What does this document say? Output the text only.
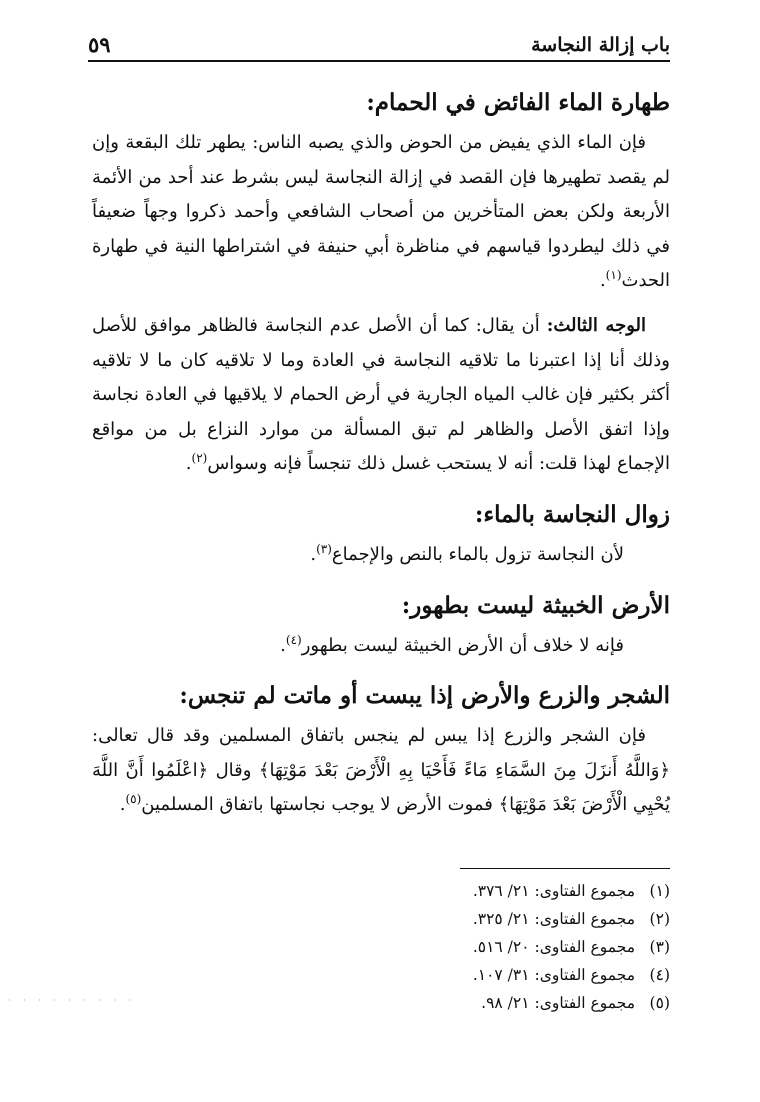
باب إزالة النجاسة
٥٩
طهارة الماء الفائض في الحمام:

فإن الماء الذي يفيض من الحوض والذي يصبه الناس: يطهر تلك البقعة وإن لم يقصد تطهيرها فإن القصد في إزالة النجاسة ليس بشرط عند أحد من الأئمة الأربعة ولكن بعض المتأخرين من أصحاب الشافعي وأحمد ذكروا وجهاً ضعيفاً في ذلك ليطردوا قياسهم في مناظرة أبي حنيفة في اشتراطها النية في طهارة الحدث$^{(١)}$.

الوجه الثالث: أن يقال: كما أن الأصل عدم النجاسة فالظاهر موافق للأصل وذلك أنا إذا اعتبرنا ما تلاقيه النجاسة في العادة وما لا تلاقيه كان ما لا تلاقيه أكثر بكثير فإن غالب المياه الجارية في أرض الحمام لا يلاقيها في العادة نجاسة وإذا اتفق الأصل والظاهر لم تبق المسألة من موارد النزاع بل من مواقع الإجماع لهذا قلت: أنه لا يستحب غسل ذلك تنجساً فإنه وسواس$^{(٢)}$.

زوال النجاسة بالماء:

لأن النجاسة تزول بالماء بالنص والإجماع$^{(٣)}$.

الأرض الخبيثة ليست بطهور:

فإنه لا خلاف أن الأرض الخبيثة ليست بطهور$^{(٤)}$.

الشجر والزرع والأرض إذا يبست أو ماتت لم تنجس:

فإن الشجر والزرع إذا يبس لم ينجس باتفاق المسلمين وقد قال تعالى: ﴿وَاللَّهُ أَنزَلَ مِنَ السَّمَاءِ مَاءً فَأَحْيَا بِهِ الْأَرْضَ بَعْدَ مَوْتِهَا﴾ وقال ﴿اعْلَمُوا أَنَّ اللَّهَ يُحْيِي الْأَرْضَ بَعْدَ مَوْتِهَا﴾ فموت الأرض لا يوجب نجاستها باتفاق المسلمين$^{(٥)}$.

(١) مجموع الفتاوى: ٢١/ ٣٧٦.
(٢) مجموع الفتاوى: ٢١/ ٣٢٥.
(٣) مجموع الفتاوى: ٢٠/ ٥١٦.
(٤) مجموع الفتاوى: ٣١/ ١٠٧.
(٥) مجموع الفتاوى: ٢١/ ٩٨.
· · · · · · · · ·
